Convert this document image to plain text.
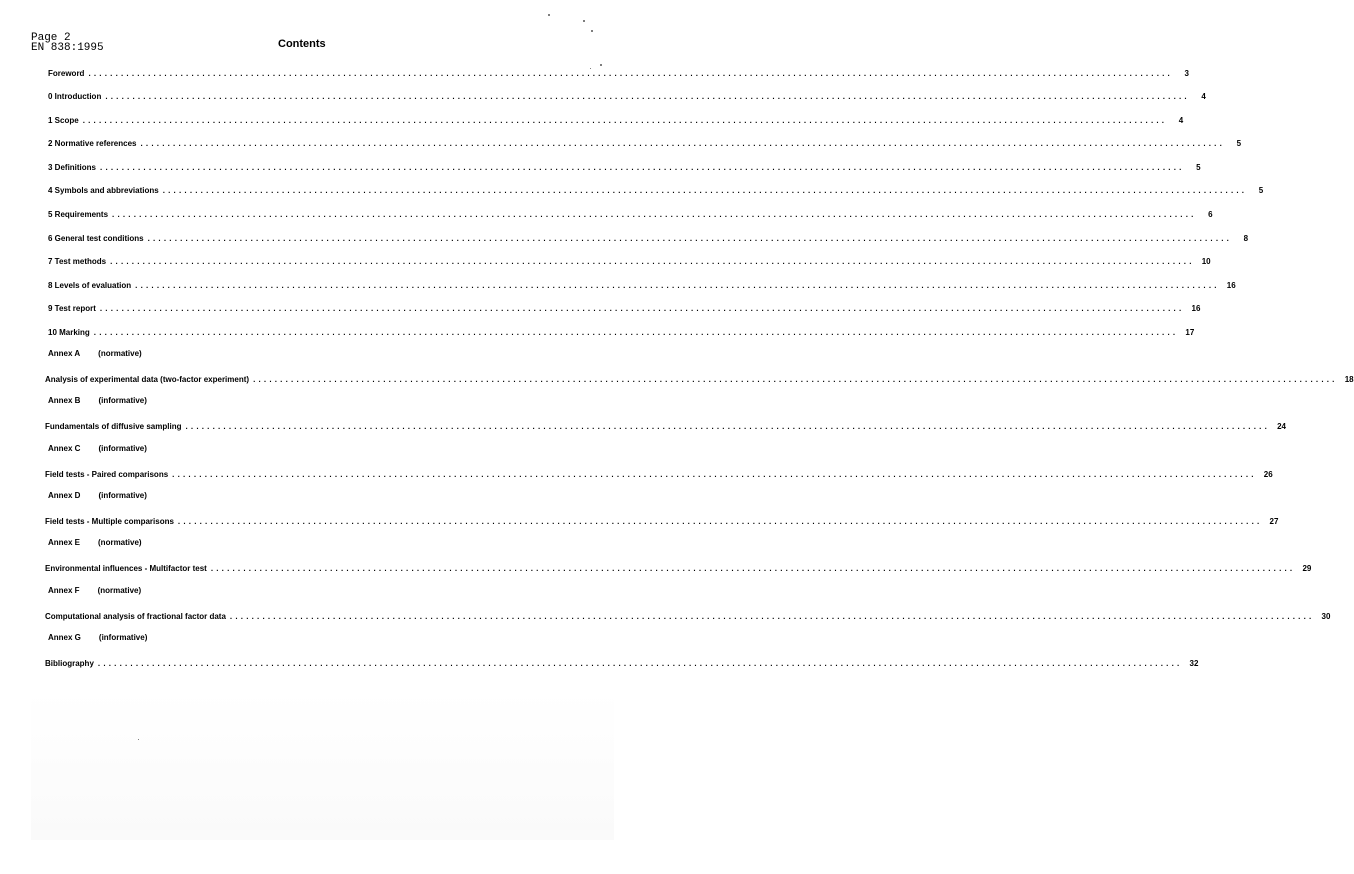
Page 2
EN 838:1995	Contents
Foreword ........................................................................................................................................................................................................	3
0 Introduction ........................................................................................................................................................................................................	4
1 Scope ........................................................................................................................................................................................................	4
2 Normative references ........................................................................................................................................................................................................	5
3 Definitions ........................................................................................................................................................................................................	5
4 Symbols and abbreviations ........................................................................................................................................................................................................	5
5 Requirements ........................................................................................................................................................................................................	6
6 General test conditions ........................................................................................................................................................................................................	8
7 Test methods ........................................................................................................................................................................................................ 10
8 Levels of evaluation ........................................................................................................................................................................................................ 16
9 Test report ........................................................................................................................................................................................................ 16
10 Marking ........................................................................................................................................................................................................ 17
Annex A (normative)
Analysis of experimental data (two-factor experiment) ........................................................................................................................................................................................................ 18
Annex B (informative)
Fundamentals of diffusive sampling ........................................................................................................................................................................................................ 24
Annex C (informative)
Field tests - Paired comparisons ........................................................................................................................................................................................................ 26
Annex D (informative)
Field tests - Multiple comparisons ........................................................................................................................................................................................................ 27
Annex E (normative)
Environmental influences - Multifactor test ........................................................................................................................................................................................................ 29
Annex F (normative)
Computational analysis of fractional factor data ........................................................................................................................................................................................................ 30
Annex G (informative)
Bibliography ........................................................................................................................................................................................................ 32
